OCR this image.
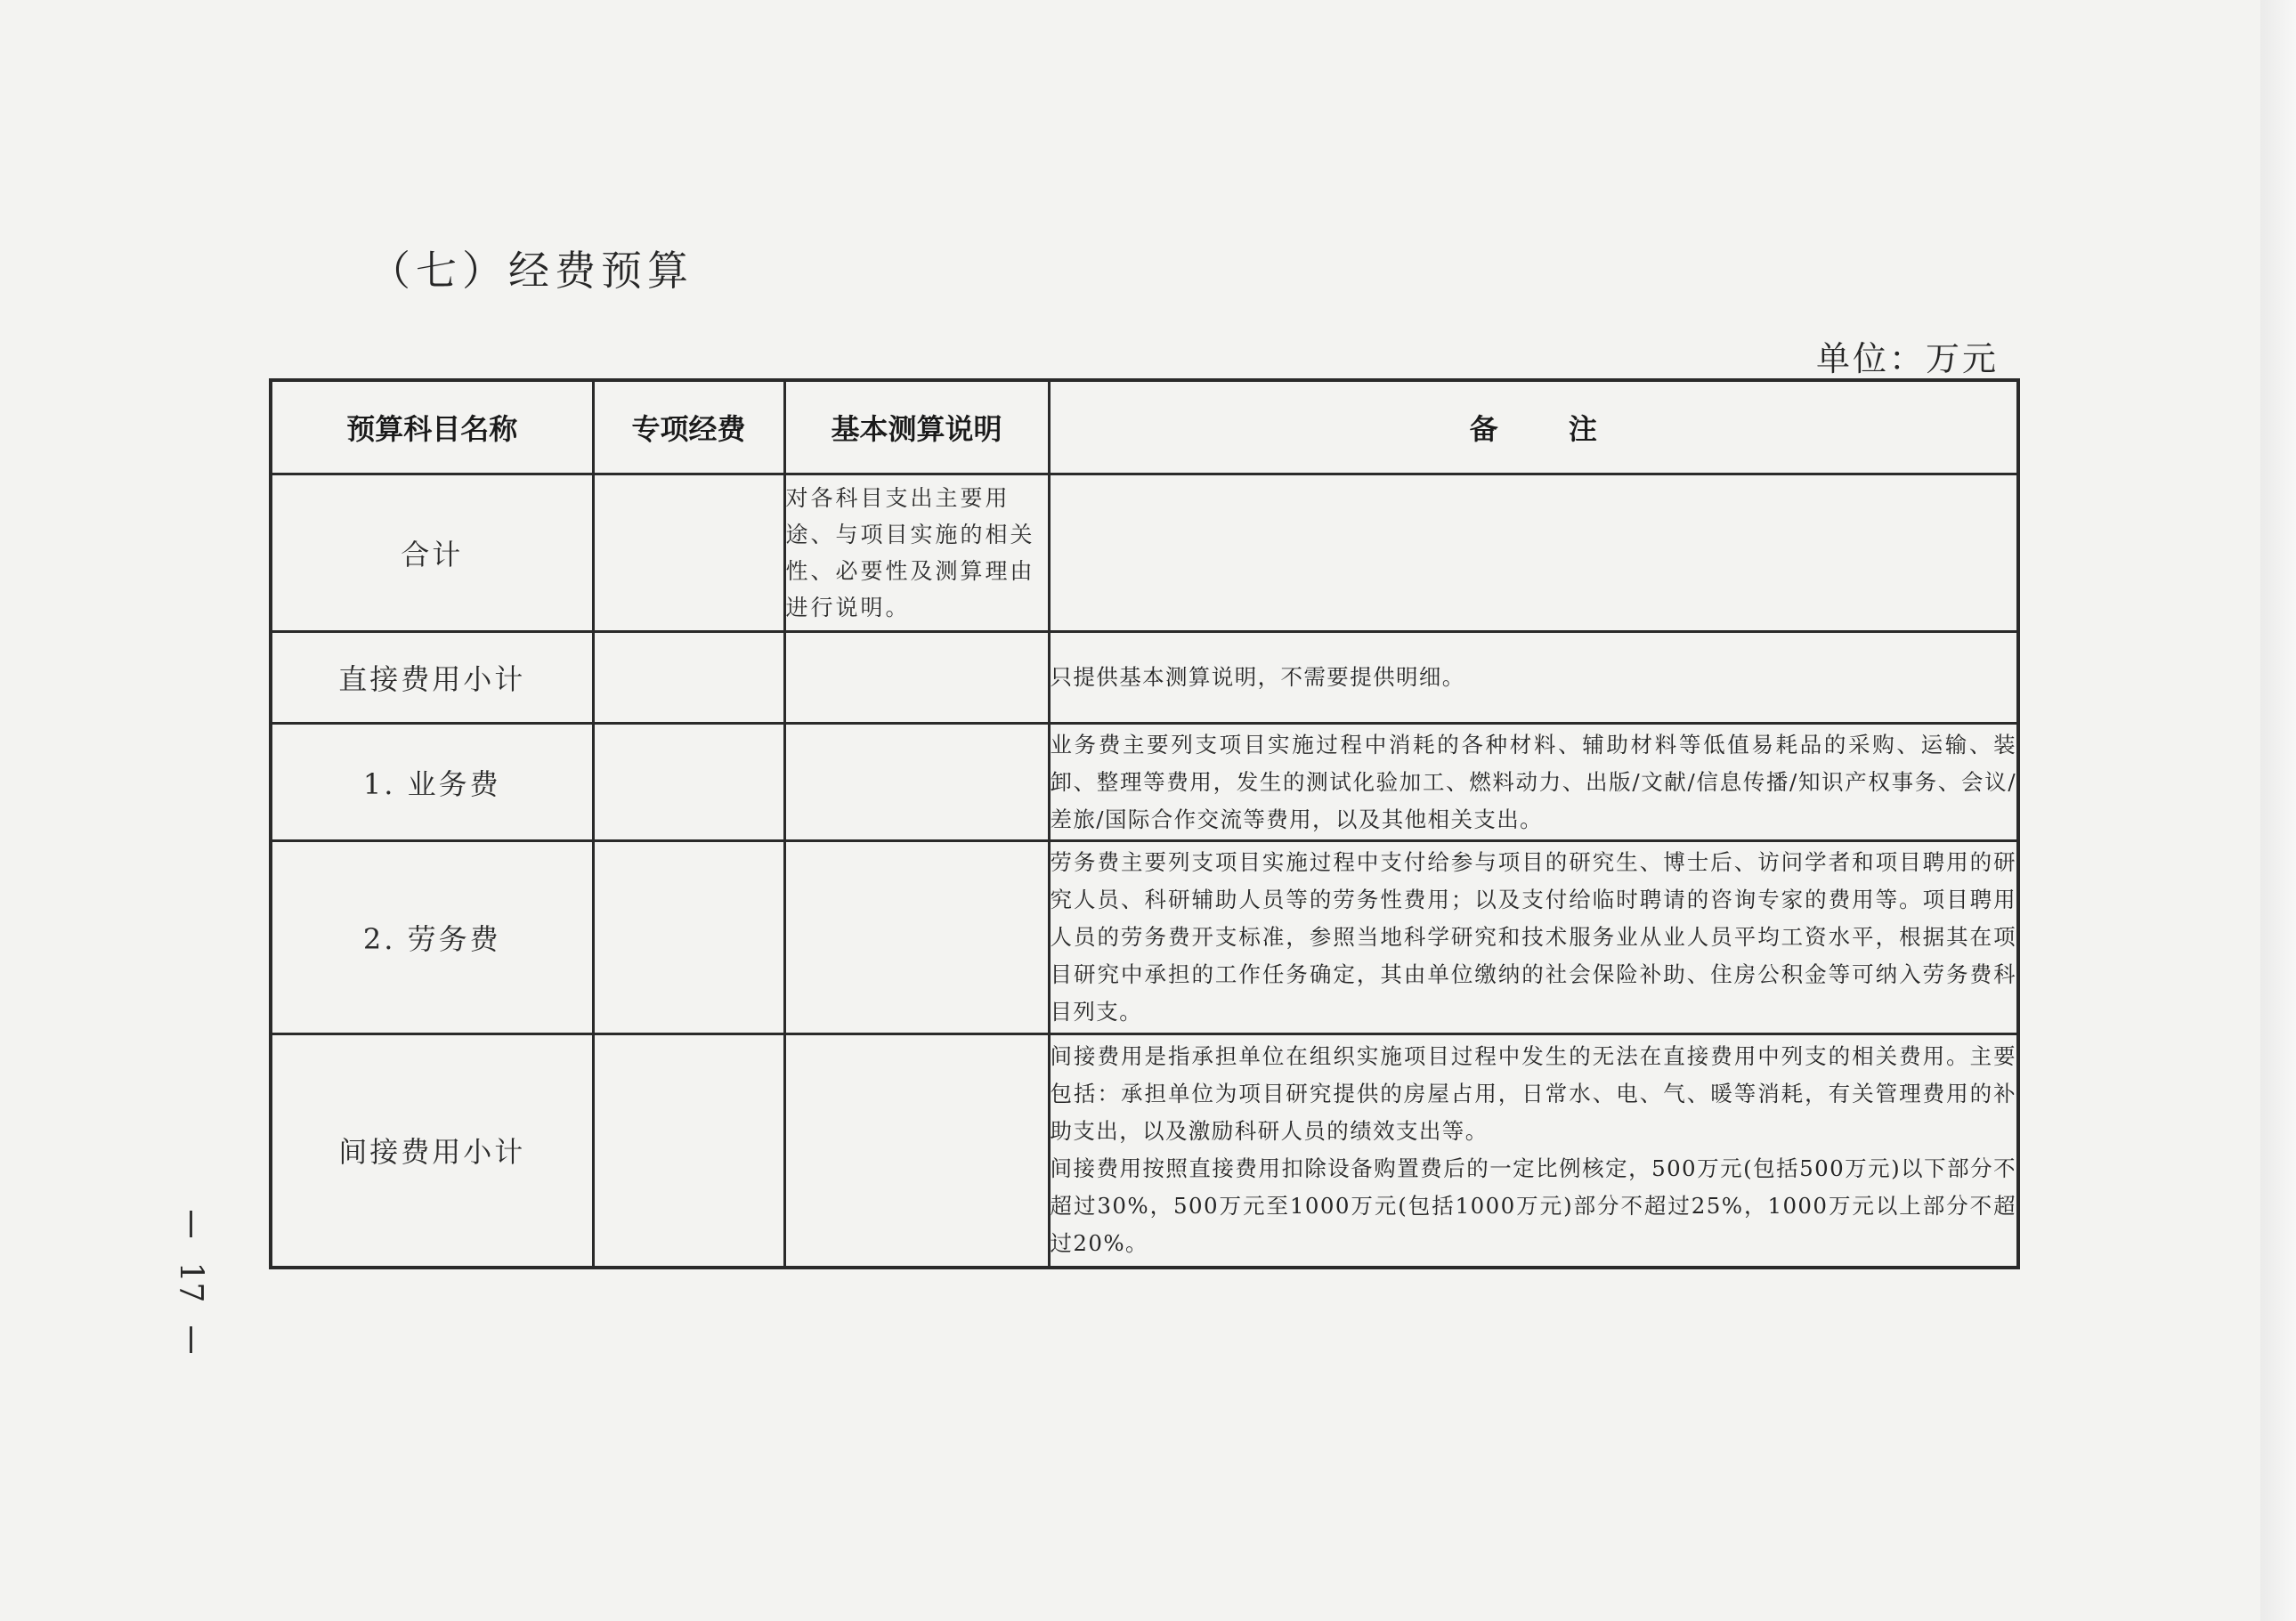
（七）经费预算
单位：万元
预算科目名称	专项经费	基本测算说明	备 注
合计		对各科目支出主要用途、与项目实施的相关性、必要性及测算理由进行说明。	
直接费用小计			只提供基本测算说明，不需要提供明细。

1. 业务费			业务费主要列支项目实施过程中消耗的各种材料、辅助材料等低值易耗品的采购、运输、装卸、整理等费用，发生的测试化验加工、燃料动力、出版/文献/信息传播/知识产权事务、会议/差旅/国际合作交流等费用，以及其他相关支出。

2. 劳务费			劳务费主要列支项目实施过程中支付给参与项目的研究生、博士后、访问学者和项目聘用的研究人员、科研辅助人员等的劳务性费用；以及支付给临时聘请的咨询专家的费用等。项目聘用人员的劳务费开支标准，参照当地科学研究和技术服务业从业人员平均工资水平，根据其在项目研究中承担的工作任务确定，其由单位缴纳的社会保险补助、住房公积金等可纳入劳务费科目列支。

间接费用小计			间接费用是指承担单位在组织实施项目过程中发生的无法在直接费用中列支的相关费用。主要包括：承担单位为项目研究提供的房屋占用，日常水、电、气、暖等消耗，有关管理费用的补助支出，以及激励科研人员的绩效支出等。

间接费用按照直接费用扣除设备购置费后的一定比例核定，500万元(包括500万元)以下部分不超过30%，500万元至1000万元(包括1000万元)部分不超过25%，1000万元以上部分不超过20%。

17
